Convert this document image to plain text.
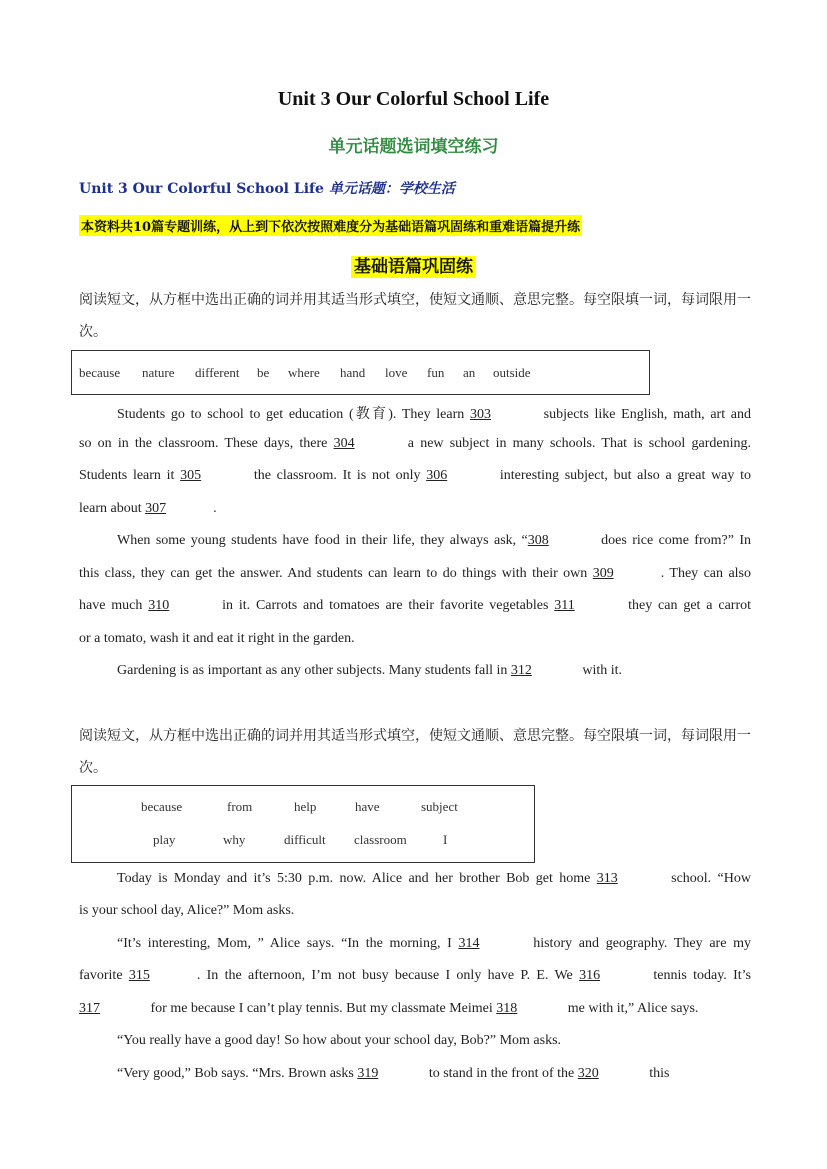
Unit 3 Our Colorful School Life
单元话题选词填空练习
Unit 3 Our Colorful School Life 单元话题：学校生活
本资料共10篇专题训练，从上到下依次按照难度分为基础语篇巩固练和重难语篇提升练
基础语篇巩固练
阅读短文，从方框中选出正确的词并用其适当形式填空，使短文通顺、意思完整。每空限填一词，每词限用一次。
because nature different be where hand love fun an outside
Students go to school to get education (教育). They learn 303	subjects like English, math, art and
so on in the classroom. These days, there 304	a new subject in many schools. That is school gardening.
Students learn it 305	the classroom. It is not only 306	interesting subject, but also a great way to
learn about 307	.
When some young students have food in their life, they always ask, “308	does rice come from?” In
this class, they can get the answer. And students can learn to do things with their own 309	. They can also
have much 310	in it. Carrots and tomatoes are their favorite vegetables 311	they can get a carrot
or a tomato, wash it and eat it right in the garden.
Gardening is as important as any other subjects. Many students fall in 312	with it.
阅读短文，从方框中选出正确的词并用其适当形式填空，使短文通顺、意思完整。每空限填一词，每词限用一次。
because	from	help	have	subject
play	why	difficult classroom	I
Today is Monday and it’s 5:30 p.m. now. Alice and her brother Bob get home 313	school. “How
is your school day, Alice?” Mom asks.
“It’s interesting, Mom, ” Alice says. “In the morning, I 314	history and geography. They are my
favorite 315	. In the afternoon, I’m not busy because I only have P. E. We 316	tennis today. It’s
317	for me because I can’t play tennis. But my classmate Meimei 318	me with it,” Alice says.
“You really have a good day! So how about your school day, Bob?” Mom asks.
“Very good,” Bob says. “Mrs. Brown asks 319	to stand in the front of the 320	this
